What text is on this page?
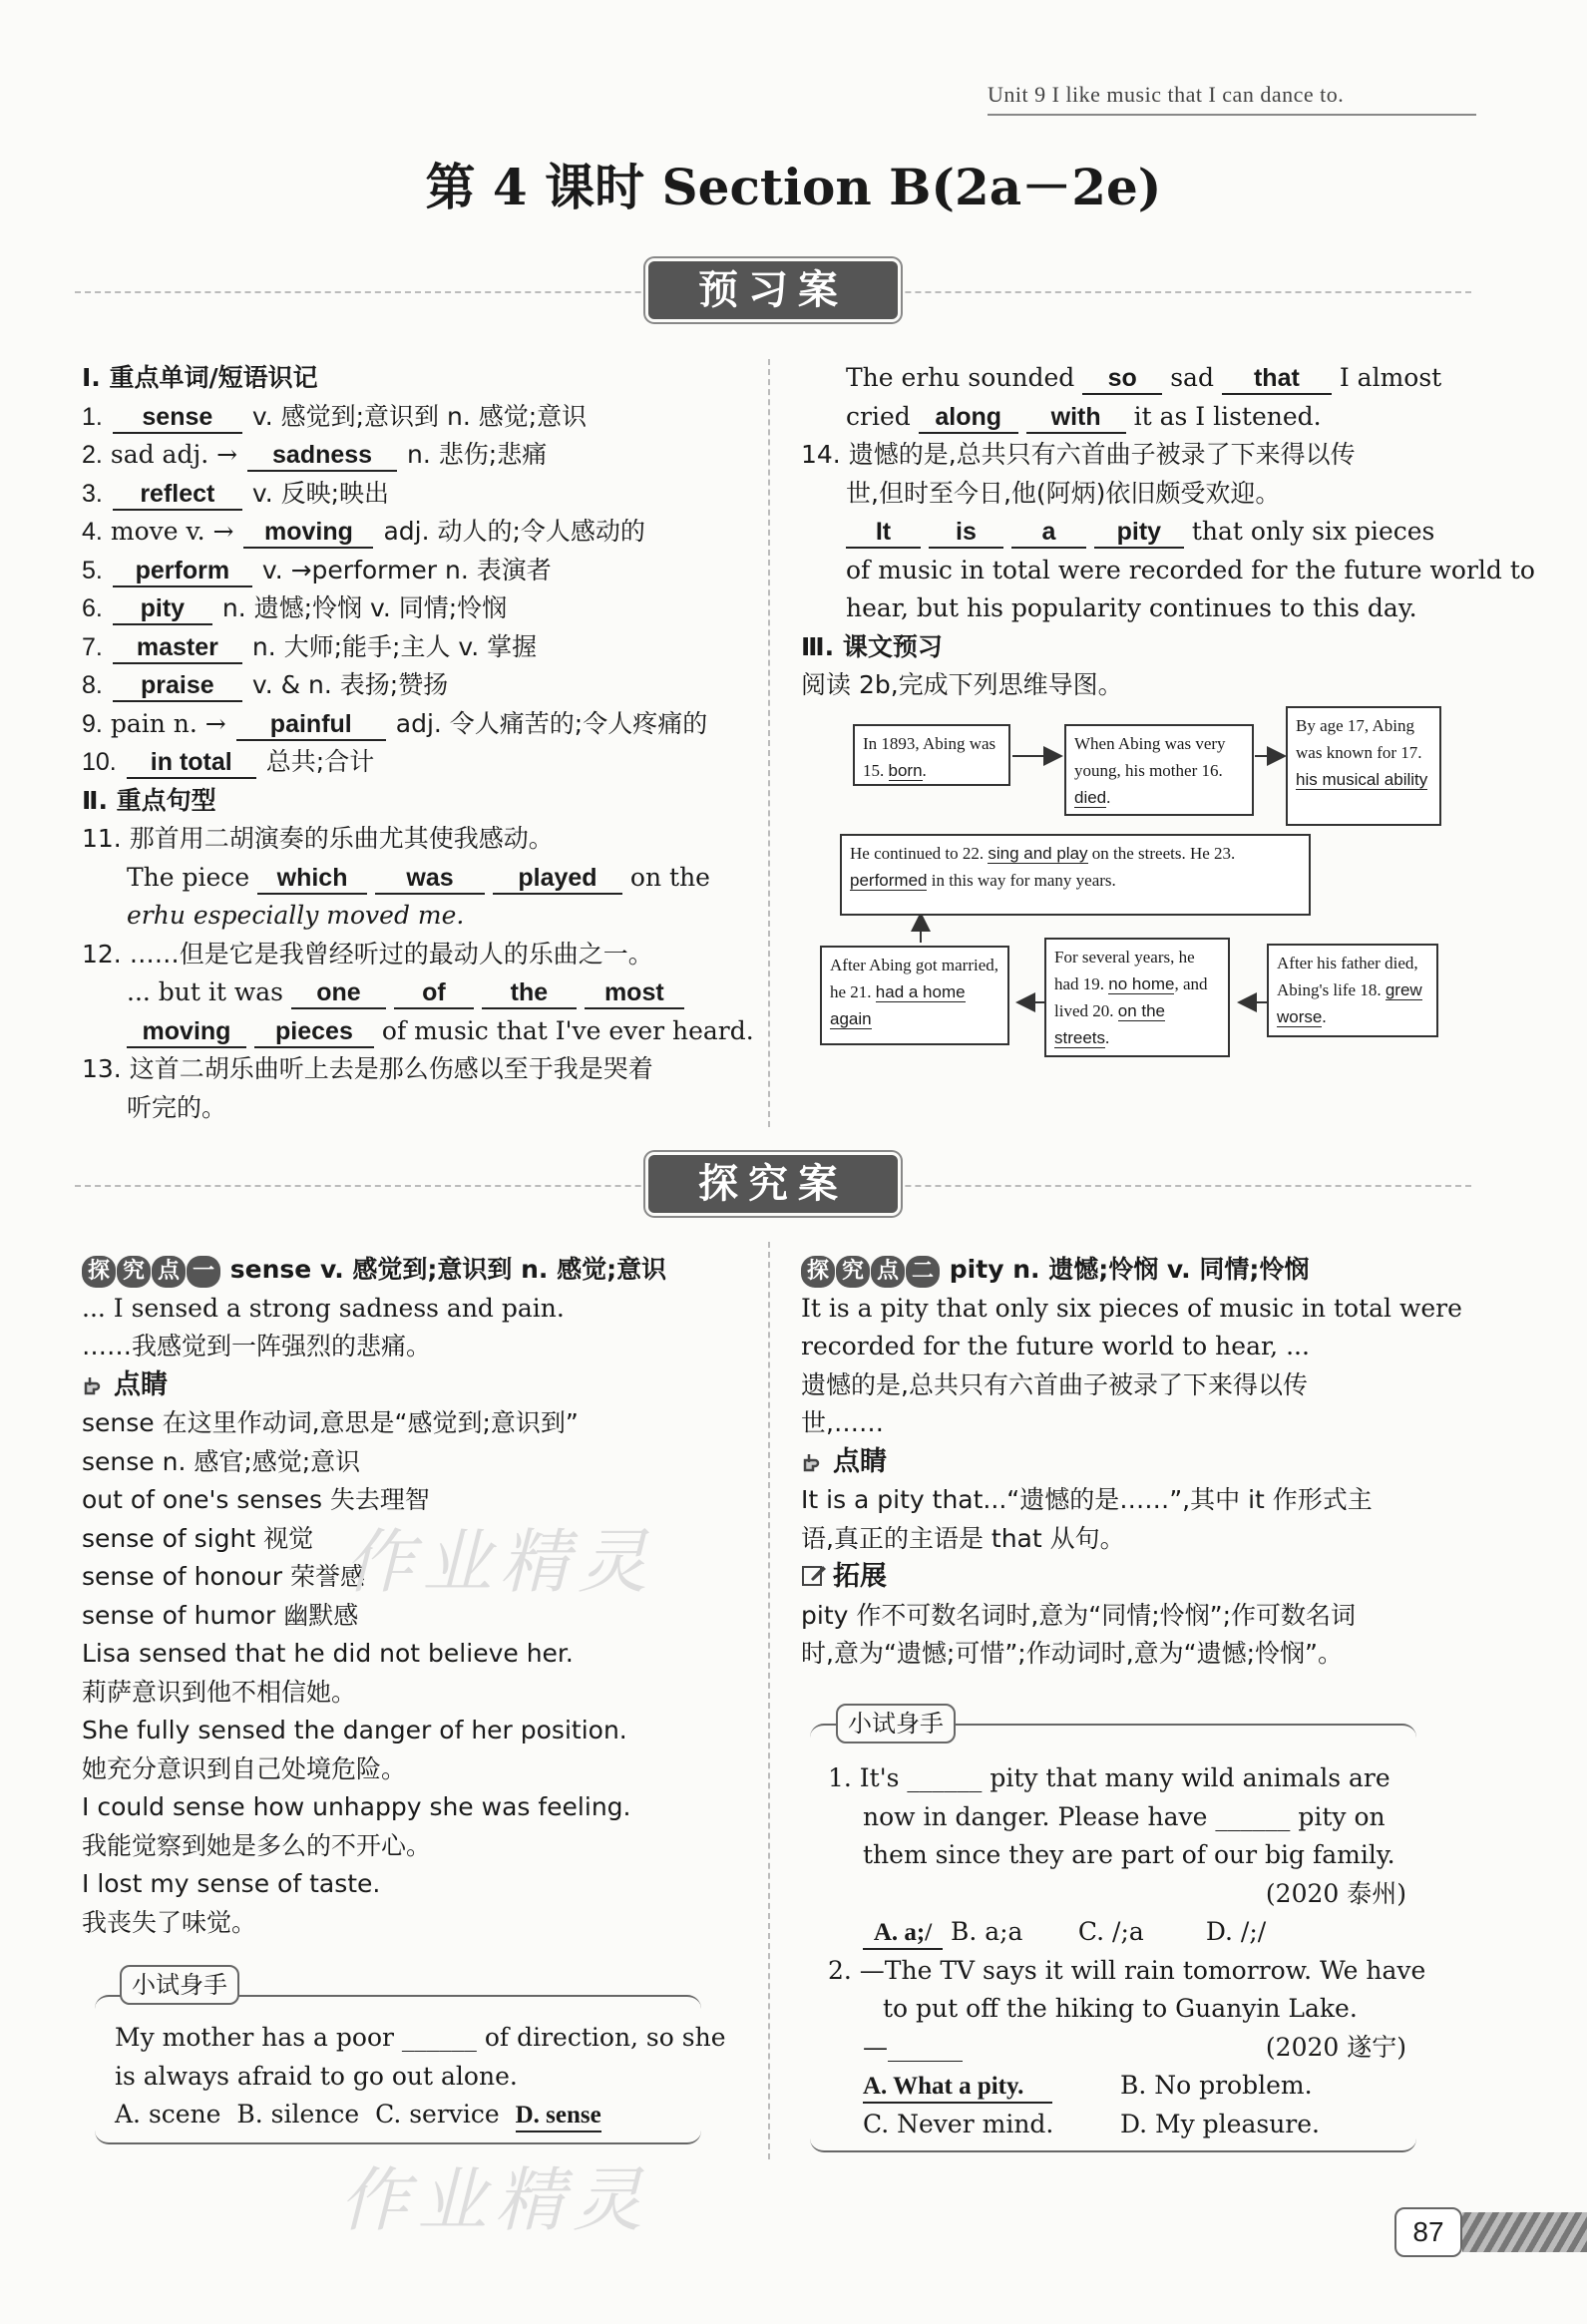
Unit 9 I like music that I can dance to.
第 4 课时 Section B(2a－2e)
预习案
Ⅰ. 重点单词/短语识记
1. sense v. 感觉到;意识到 n. 感觉;意识
2. sad adj. → sadness n. 悲伤;悲痛
3. reflect v. 反映;映出
4. move v. → moving adj. 动人的;令人感动的
5. perform v. →performer n. 表演者
6. pity n. 遗憾;怜悯 v. 同情;怜悯
7. master n. 大师;能手;主人 v. 掌握
8. praise v. & n. 表扬;赞扬
9. pain n. → painful adj. 令人痛苦的;令人疼痛的
10. in total 总共;合计
Ⅱ. 重点句型
11. 那首用二胡演奏的乐曲尤其使我感动。
The piece which was	played on the
erhu especially moved me.
12. ……但是它是我曾经听过的最动人的乐曲之一。
... but it was one of	the most
moving pieces of music that I've ever heard.
13. 这首二胡乐曲听上去是那么伤感以至于我是哭着
听完的。
The erhu sounded so sad that I almost
cried along with it as I listened.
14. 遗憾的是,总共只有六首曲子被录了下来得以传
世,但时至今日,他(阿炳)依旧颇受欢迎。
It	is	a pity that only six pieces
of music in total were recorded for the future world to
hear, but his popularity continues to this day.
Ⅲ. 课文预习
阅读 2b,完成下列思维导图。
In 1893, Abing was 15. born.
When Abing was very young, his mother 16. died.
By age 17, Abing was known for 17. his musical ability
He continued to 22. sing and play on the streets. He 23. performed in this way for many years.
After Abing got married, he 21. had a home again
For several years, he had 19. no home, and lived 20. on the streets.
After his father died, Abing's life 18. grew worse.
探究案
探 究 点 一 sense v. 感觉到;意识到 n. 感觉;意识
... I sensed a strong sadness and pain.
……我感觉到一阵强烈的悲痛。
点睛
sense 在这里作动词,意思是“感觉到;意识到”
sense n. 感官;感觉;意识
out of one's senses 失去理智
sense of sight 视觉
sense of honour 荣誉感
sense of humor 幽默感
Lisa sensed that he did not believe her.
莉萨意识到他不相信她。
She fully sensed the danger of her position.
她充分意识到自己处境危险。
I could sense how unhappy she was feeling.
我能觉察到她是多么的不开心。
I lost my sense of taste.
我丧失了味觉。
小试身手
My mother has a poor ______ of direction, so she
is always afraid to go out alone.
A. scene B. silence C. service D. sense
探 究 点 二 pity n. 遗憾;怜悯 v. 同情;怜悯
It is a pity that only six pieces of music in total were
recorded for the future world to hear, ...
遗憾的是,总共只有六首曲子被录了下来得以传
世,……
点睛
It is a pity that...“遗憾的是……”,其中 it 作形式主
语,真正的主语是 that 从句。
拓展
pity 作不可数名词时,意为“同情;怜悯”;作可数名词
时,意为“遗憾;可惜”;作动词时,意为“遗憾;怜悯”。
小试身手
1. It's ______ pity that many wild animals are
now in danger. Please have ______ pity on
them since they are part of our big family.
(2020 泰州)
A. a;/ B. a;a C. /;a D. /;/
2. —The TV says it will rain tomorrow. We have
to put off the hiking to Guanyin Lake.
—______	(2020 遂宁)
A. What a pity.	B. No problem.
C. Never mind.	D. My pleasure.
作业精灵
作业精灵	87
